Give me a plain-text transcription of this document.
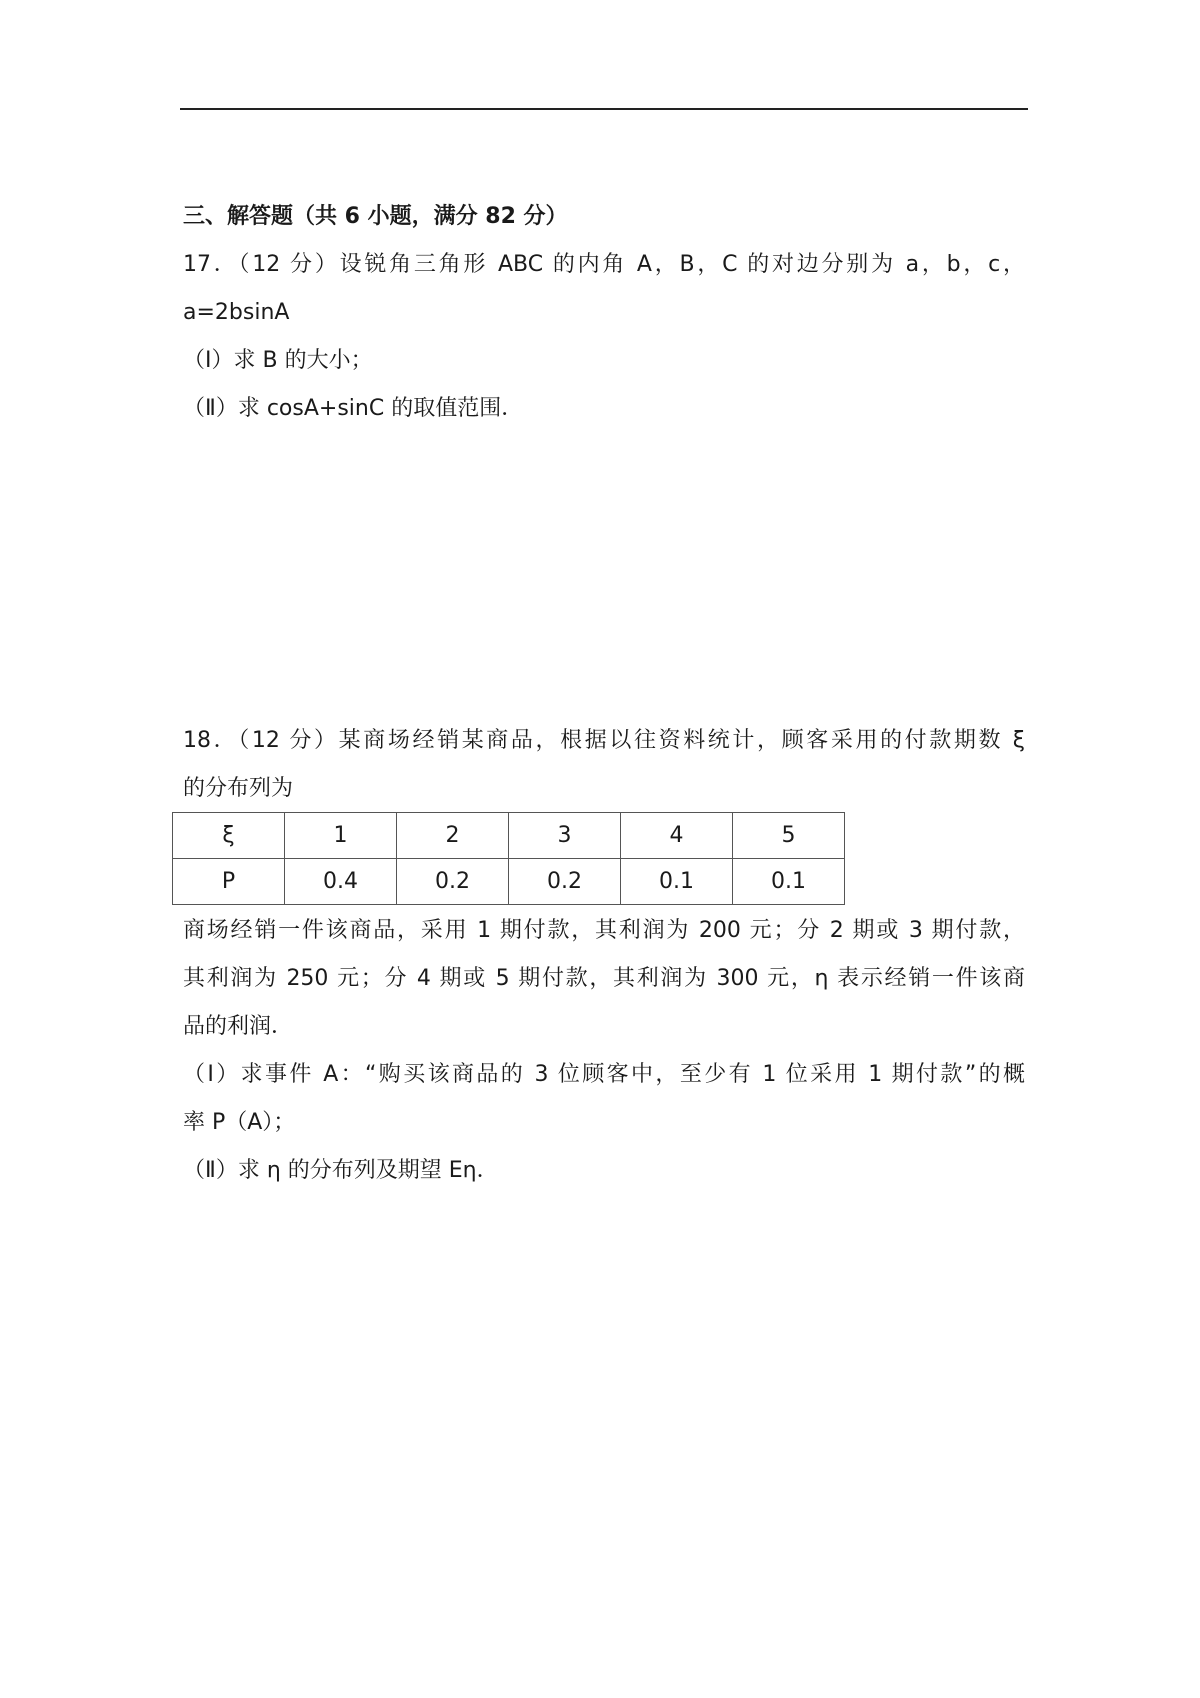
三、解答题（共 6 小题，满分 82 分）
17．（12 分）设锐角三角形 ABC 的内角 A，B，C 的对边分别为 a，b，c，
a=2bsinA
（Ⅰ）求 B 的大小；
（Ⅱ）求 cosA+sinC 的取值范围．
18．（12 分）某商场经销某商品，根据以往资料统计，顾客采用的付款期数 ξ
的分布列为
ξ	1	2	3	4	5
P	0.4	0.2	0.2	0.1	0.1
商场经销一件该商品，采用 1 期付款，其利润为 200 元；分 2 期或 3 期付款，
其利润为 250 元；分 4 期或 5 期付款，其利润为 300 元，η 表示经销一件该商
品的利润．
（Ⅰ）求事件 A：“购买该商品的 3 位顾客中，至少有 1 位采用 1 期付款”的概
率 P（A）；
（Ⅱ）求 η 的分布列及期望 Eη．
